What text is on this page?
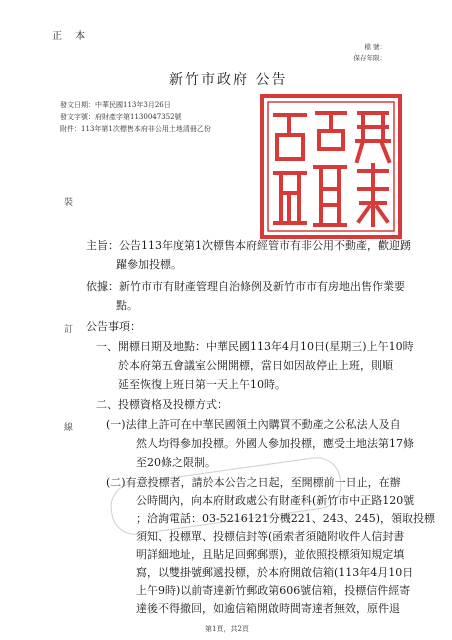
正 本
檔 號：
保存年限：
新竹市政府 公告
發文日期：中華民國113年3月26日
發文字號：府財產字第1130047352號
附件：113年第1次標售本府非公用土地清冊乙份
裝
訂
線
主旨：公告113年度第1次標售本府經管市有非公用不動產，歡迎踴
躍參加投標。
依據：新竹市市有財產管理自治條例及新竹市市有房地出售作業要
點。
公告事項：
一、開標日期及地點：中華民國113年4月10日(星期三)上午10時
於本府第五會議室公開開標，當日如因故停止上班，則順
延至恢復上班日第一天上午10時。
二、投標資格及投標方式：
(一)法律上許可在中華民國領土內購買不動產之公私法人及自
然人均得參加投標。外國人參加投標，應受土地法第17條
至20條之限制。
(二)有意投標者，請於本公告之日起，至開標前一日止，在辦
公時間內，向本府財政處公有財產科(新竹市中正路120號
；洽詢電話：03-5216121分機221、243、245)，領取投標
須知、投標單、投標信封等(函索者須隨附收件人信封書
明詳細地址，且貼足回郵郵票)，並依照投標須知規定填
寫，以雙掛號郵遞投標，於本府開啟信箱(113年4月10日
上午9時)以前寄達新竹郵政第606號信箱，投標信件經寄
達後不得撤回，如逾信箱開啟時間寄達者無效，原件退
第1頁，共2頁
